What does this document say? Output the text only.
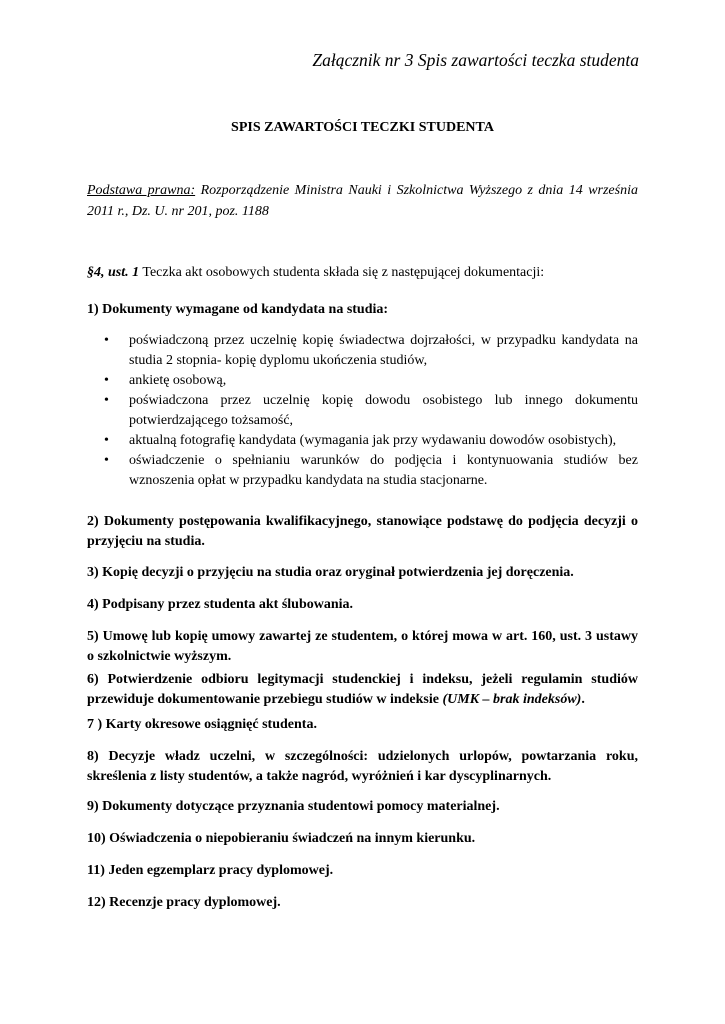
Załącznik nr 3 Spis zawartości teczka studenta
SPIS ZAWARTOŚCI TECZKI STUDENTA
Podstawa prawna: Rozporządzenie Ministra Nauki i Szkolnictwa Wyższego z dnia 14 września 2011 r., Dz. U. nr 201, poz. 1188
§4, ust. 1 Teczka akt osobowych studenta składa się z następującej dokumentacji:
1) Dokumenty wymagane od kandydata na studia:
• poświadczoną przez uczelnię kopię świadectwa dojrzałości, w przypadku kandydata na studia 2 stopnia- kopię dyplomu ukończenia studiów,
• ankietę osobową,
• poświadczona przez uczelnię kopię dowodu osobistego lub innego dokumentu potwierdzającego tożsamość,
• aktualną fotografię kandydata (wymagania jak przy wydawaniu dowodów osobistych),
• oświadczenie o spełnianiu warunków do podjęcia i kontynuowania studiów bez wznoszenia opłat w przypadku kandydata na studia stacjonarne.
2) Dokumenty postępowania kwalifikacyjnego, stanowiące podstawę do podjęcia decyzji o przyjęciu na studia.
3) Kopię decyzji o przyjęciu na studia oraz oryginał potwierdzenia jej doręczenia.
4) Podpisany przez studenta akt ślubowania.
5) Umowę lub kopię umowy zawartej ze studentem, o której mowa w art. 160, ust. 3 ustawy o szkolnictwie wyższym.
6) Potwierdzenie odbioru legitymacji studenckiej i indeksu, jeżeli regulamin studiów przewiduje dokumentowanie przebiegu studiów w indeksie (UMK – brak indeksów).
7 ) Karty okresowe osiągnięć studenta.
8) Decyzje władz uczelni, w szczególności: udzielonych urlopów, powtarzania roku, skreślenia z listy studentów, a także nagród, wyróżnień i kar dyscyplinarnych.
9) Dokumenty dotyczące przyznania studentowi pomocy materialnej.
10) Oświadczenia o niepobieraniu świadczeń na innym kierunku.
11) Jeden egzemplarz pracy dyplomowej.
12) Recenzje pracy dyplomowej.
